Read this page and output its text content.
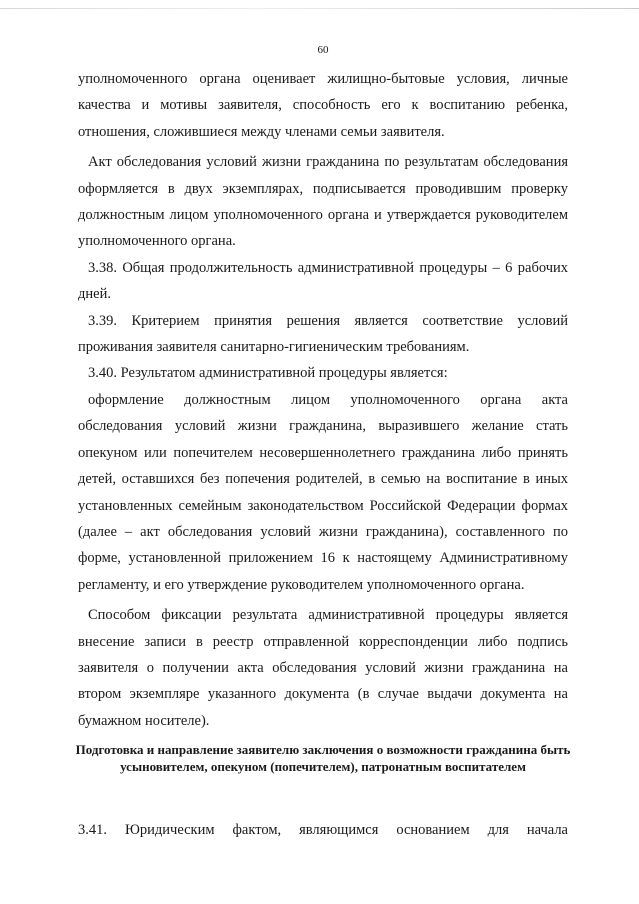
60

уполномоченного органа оценивает жилищно-бытовые условия, личные качества и мотивы заявителя, способность его к воспитанию ребенка, отношения, сложившиеся между членами семьи заявителя.

Акт обследования условий жизни гражданина по результатам обследования оформляется в двух экземплярах, подписывается проводившим проверку должностным лицом уполномоченного органа и утверждается руководителем уполномоченного органа.

3.38. Общая продолжительность административной процедуры – 6 рабочих дней.

3.39. Критерием принятия решения является соответствие условий проживания заявителя санитарно-гигиеническим требованиям.

3.40. Результатом административной процедуры является:

оформление должностным лицом уполномоченного органа акта обследования условий жизни гражданина, выразившего желание стать опекуном или попечителем несовершеннолетнего гражданина либо принять детей, оставшихся без попечения родителей, в семью на воспитание в иных установленных семейным законодательством Российской Федерации формах (далее – акт обследования условий жизни гражданина), составленного по форме, установленной приложением 16 к настоящему Административному регламенту, и его утверждение руководителем уполномоченного органа.

Способом фиксации результата административной процедуры является внесение записи в реестр отправленной корреспонденции либо подпись заявителя о получении акта обследования условий жизни гражданина на втором экземпляре указанного документа (в случае выдачи документа на бумажном носителе).

Подготовка и направление заявителю заключения о возможности гражданина быть усыновителем, опекуном (попечителем), патронатным воспитателем
3.41. Юридическим фактом, являющимся основанием для начала
